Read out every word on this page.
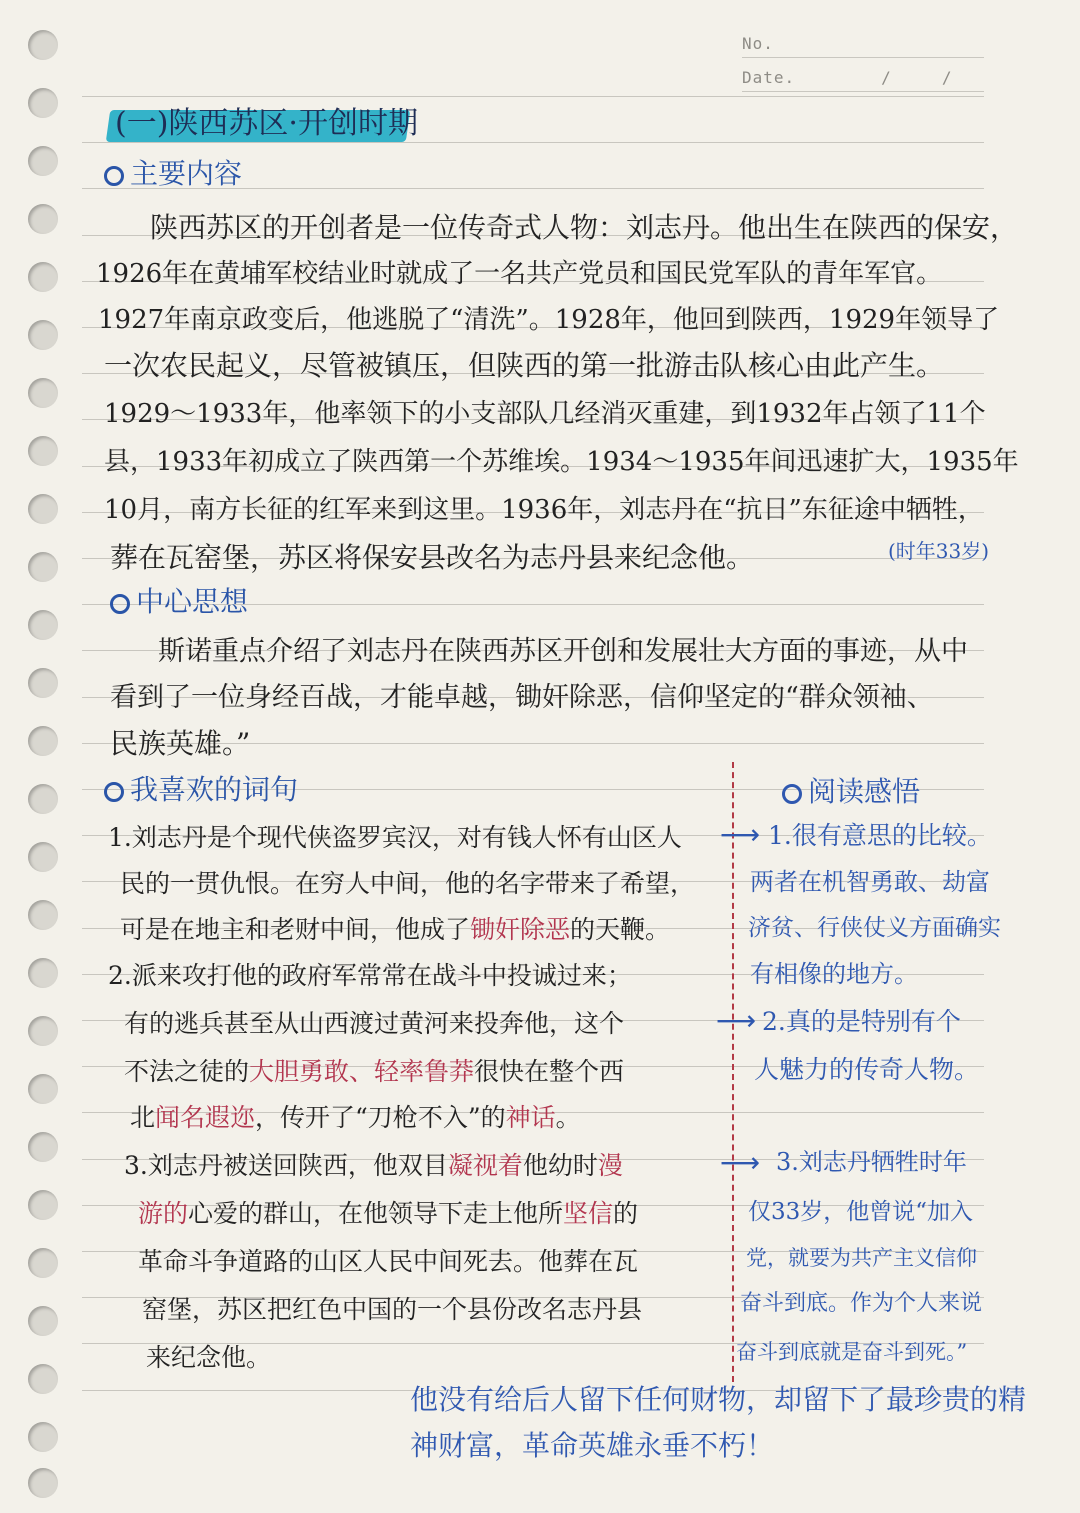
No.
Date.	/	/
(一)陕西苏区·开创时期
主要内容
陕西苏区的开创者是一位传奇式人物：刘志丹。他出生在陕西的保安，
1926年在黄埔军校结业时就成了一名共产党员和国民党军队的青年军官。
1927年南京政变后，他逃脱了“清洗”。1928年，他回到陕西，1929年领导了
一次农民起义，尽管被镇压，但陕西的第一批游击队核心由此产生。
1929～1933年，他率领下的小支部队几经消灭重建，到1932年占领了11个
县，1933年初成立了陕西第一个苏维埃。1934～1935年间迅速扩大，1935年
10月，南方长征的红军来到这里。1936年，刘志丹在“抗日”东征途中牺牲，
葬在瓦窑堡，苏区将保安县改名为志丹县来纪念他。	(时年33岁)
中心思想
斯诺重点介绍了刘志丹在陕西苏区开创和发展壮大方面的事迹，从中
看到了一位身经百战，才能卓越，锄奸除恶，信仰坚定的“群众领袖、
民族英雄。”
我喜欢的词句
1.刘志丹是个现代侠盗罗宾汉，对有钱人怀有山区人
民的一贯仇恨。在穷人中间，他的名字带来了希望，
可是在地主和老财中间，他成了锄奸除恶的天鞭。
2.派来攻打他的政府军常常在战斗中投诚过来；
有的逃兵甚至从山西渡过黄河来投奔他，这个
不法之徒的大胆勇敢、轻率鲁莽很快在整个西
北闻名遐迩，传开了“刀枪不入”的神话。
3.刘志丹被送回陕西，他双目凝视着他幼时漫
游的心爱的群山，在他领导下走上他所坚信的
革命斗争道路的山区人民中间死去。他葬在瓦
窑堡，苏区把红色中国的一个县份改名志丹县
来纪念他。
⟶
⟶
⟶
阅读感悟
1.很有意思的比较。
两者在机智勇敢、劫富
济贫、行侠仗义方面确实
有相像的地方。
2.真的是特别有个
人魅力的传奇人物。
3.刘志丹牺牲时年
仅33岁，他曾说“加入
党，就要为共产主义信仰
奋斗到底。作为个人来说
奋斗到底就是奋斗到死。”
他没有给后人留下任何财物，却留下了最珍贵的精
神财富，革命英雄永垂不朽！
